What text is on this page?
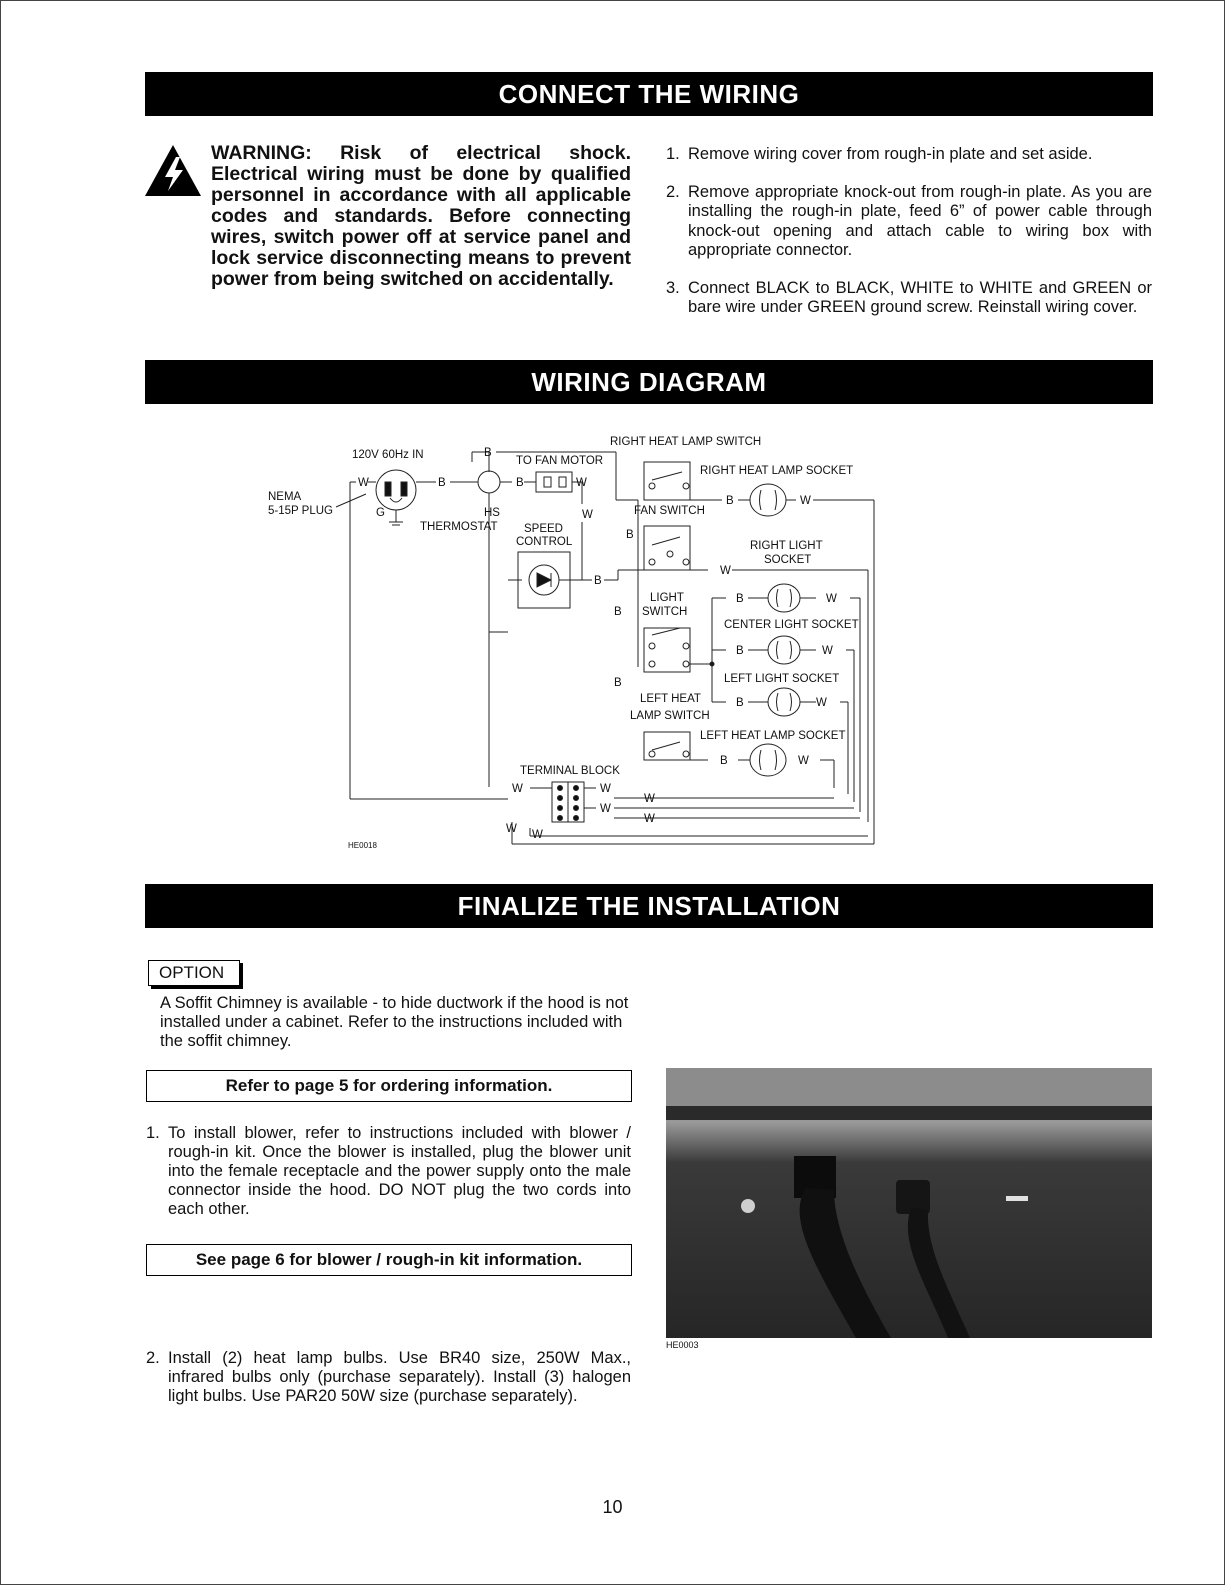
CONNECT THE WIRING
WARNING: Risk of electrical shock. Electrical wiring must be done by qualified personnel in accordance with all applicable codes and standards. Before connecting wires, switch power off at service panel and lock service disconnecting means to prevent power from being switched on accidentally.
1. Remove wiring cover from rough-in plate and set aside.
2. Remove appropriate knock-out from rough-in plate. As you are installing the rough-in plate, feed 6” of power cable through knock-out opening and attach cable to wiring box with appropriate connector.
3. Connect BLACK to BLACK, WHITE to WHITE and GREEN or bare wire under GREEN ground screw. Reinstall wiring cover.
WIRING DIAGRAM
120V 60Hz IN
NEMA
5-15P PLUG
W	B
G
B
TO FAN MOTOR
B	W
W
HS
THERMOSTAT SPEED
CONTROL
B
RIGHT HEAT LAMP SWITCH
RIGHT HEAT LAMP SOCKET
B	W
FAN SWITCH
B
RIGHT LIGHT
SOCKET
W
LIGHT
SWITCH
B
B	W
CENTER LIGHT SOCKET
B	W
LEFT LIGHT SOCKET
B
B	W
LEFT HEAT
LAMP SWITCH
LEFT HEAT LAMP SOCKET
B	W
TERMINAL BLOCK
W	W
W
W
W
W W
HE0018
FINALIZE THE INSTALLATION
OPTION
A Soffit Chimney is available - to hide ductwork if the hood is not installed under a cabinet. Refer to the instructions included with the soffit chimney.
Refer to page 5 for ordering information.
1. To install blower, refer to instructions included with blower / rough-in kit. Once the blower is installed, plug the blower unit into the female receptacle and the power supply onto the male connector inside the hood. DO NOT plug the two cords into each other.
See page 6 for blower / rough-in kit information.
2. Install (2) heat lamp bulbs. Use BR40 size, 250W Max., infrared bulbs only (purchase separately). Install (3) halogen light bulbs. Use PAR20 50W size (purchase separately).
HE0003
10
